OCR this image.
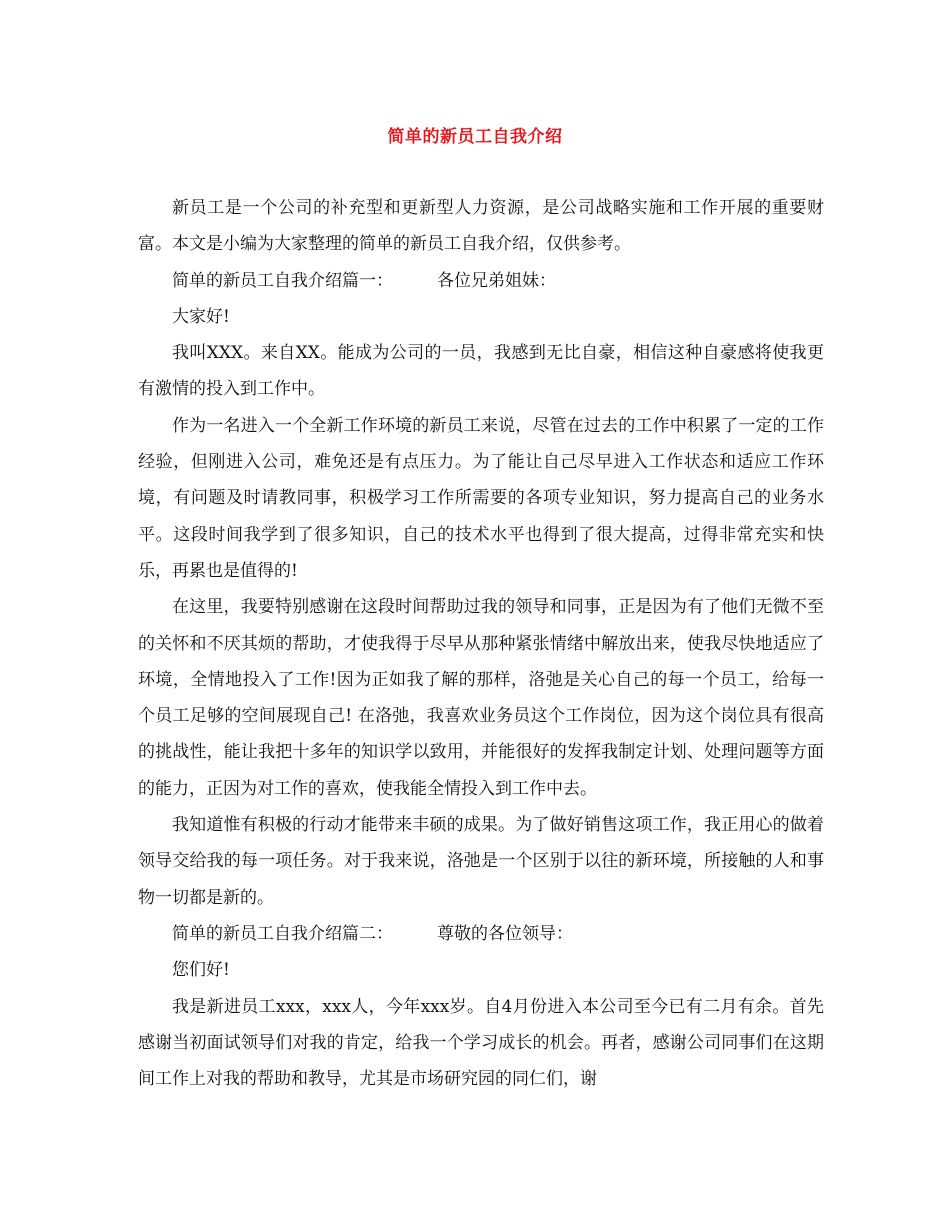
简单的新员工自我介绍

新员工是一个公司的补充型和更新型人力资源，是公司战略实施和工作开展的重要财富。本文是小编为大家整理的简单的新员工自我介绍，仅供参考。

简单的新员工自我介绍篇一：	各位兄弟姐妹：

大家好!

我叫XXX。来自XX。能成为公司的一员，我感到无比自豪，相信这种自豪感将使我更有激情的投入到工作中。

作为一名进入一个全新工作环境的新员工来说，尽管在过去的工作中积累了一定的工作经验，但刚进入公司，难免还是有点压力。为了能让自己尽早进入工作状态和适应工作环境，有问题及时请教同事，积极学习工作所需要的各项专业知识，努力提高自己的业务水平。这段时间我学到了很多知识，自己的技术水平也得到了很大提高，过得非常充实和快乐，再累也是值得的!

在这里，我要特别感谢在这段时间帮助过我的领导和同事，正是因为有了他们无微不至的关怀和不厌其烦的帮助，才使我得于尽早从那种紧张情绪中解放出来，使我尽快地适应了环境，全情地投入了工作!因为正如我了解的那样，洛弛是关心自己的每一个员工，给每一个员工足够的空间展现自己! 在洛弛，我喜欢业务员这个工作岗位，因为这个岗位具有很高的挑战性，能让我把十多年的知识学以致用，并能很好的发挥我制定计划、处理问题等方面的能力，正因为对工作的喜欢，使我能全情投入到工作中去。

我知道惟有积极的行动才能带来丰硕的成果。为了做好销售这项工作，我正用心的做着领导交给我的每一项任务。对于我来说，洛弛是一个区别于以往的新环境，所接触的人和事物一切都是新的。

简单的新员工自我介绍篇二：	尊敬的各位领导：

您们好!

我是新进员工xxx，xxx人，今年xxx岁。自4月份进入本公司至今已有二月有余。首先感谢当初面试领导们对我的肯定，给我一个学习成长的机会。再者，感谢公司同事们在这期间工作上对我的帮助和教导，尤其是市场研究园的同仁们，谢
